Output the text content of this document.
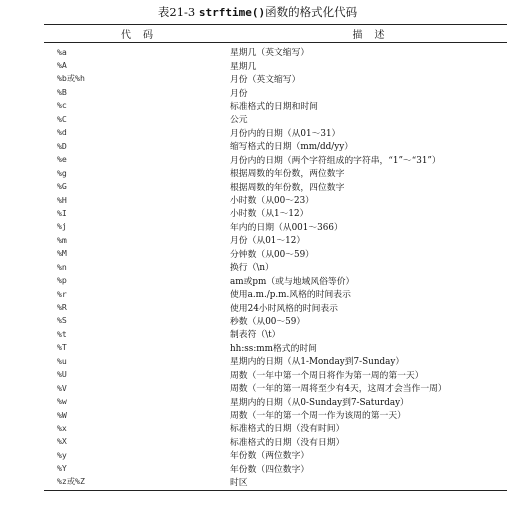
表21-3 strftime()函数的格式化代码
代码	描述
%a	星期几（英文缩写）
%A	星期几
%b或%h	月份（英文缩写）
%B	月份
%c	标准格式的日期和时间
%C	公元
%d	月份内的日期（从01～31）
%D	缩写格式的日期（mm/dd/yy）
%e	月份内的日期（两个字符组成的字符串，“1”～“31”）
%g	根据周数的年份数，两位数字
%G	根据周数的年份数，四位数字
%H	小时数（从00～23）
%I	小时数（从1～12）
%j	年内的日期（从001～366）
%m	月份（从01～12）
%M	分钟数（从00～59）
%n	换行（\n）
%p	am或pm（或与地域风俗等价）
%r	使用a.m./p.m.风格的时间表示
%R	使用24小时风格的时间表示
%S	秒数（从00～59）
%t	制表符（\t）
%T	hh:ss:mm格式的时间
%u	星期内的日期（从1-Monday到7-Sunday）
%U	周数（一年中第一个周日将作为第一周的第一天）
%V	周数（一年的第一周将至少有4天，这周才会当作一周）
%w	星期内的日期（从0-Sunday到7-Saturday）
%W	周数（一年的第一个周一作为该周的第一天）
%x	标准格式的日期（没有时间）
%X	标准格式的日期（没有日期）
%y	年份数（两位数字）
%Y	年份数（四位数字）
%z或%Z	时区
